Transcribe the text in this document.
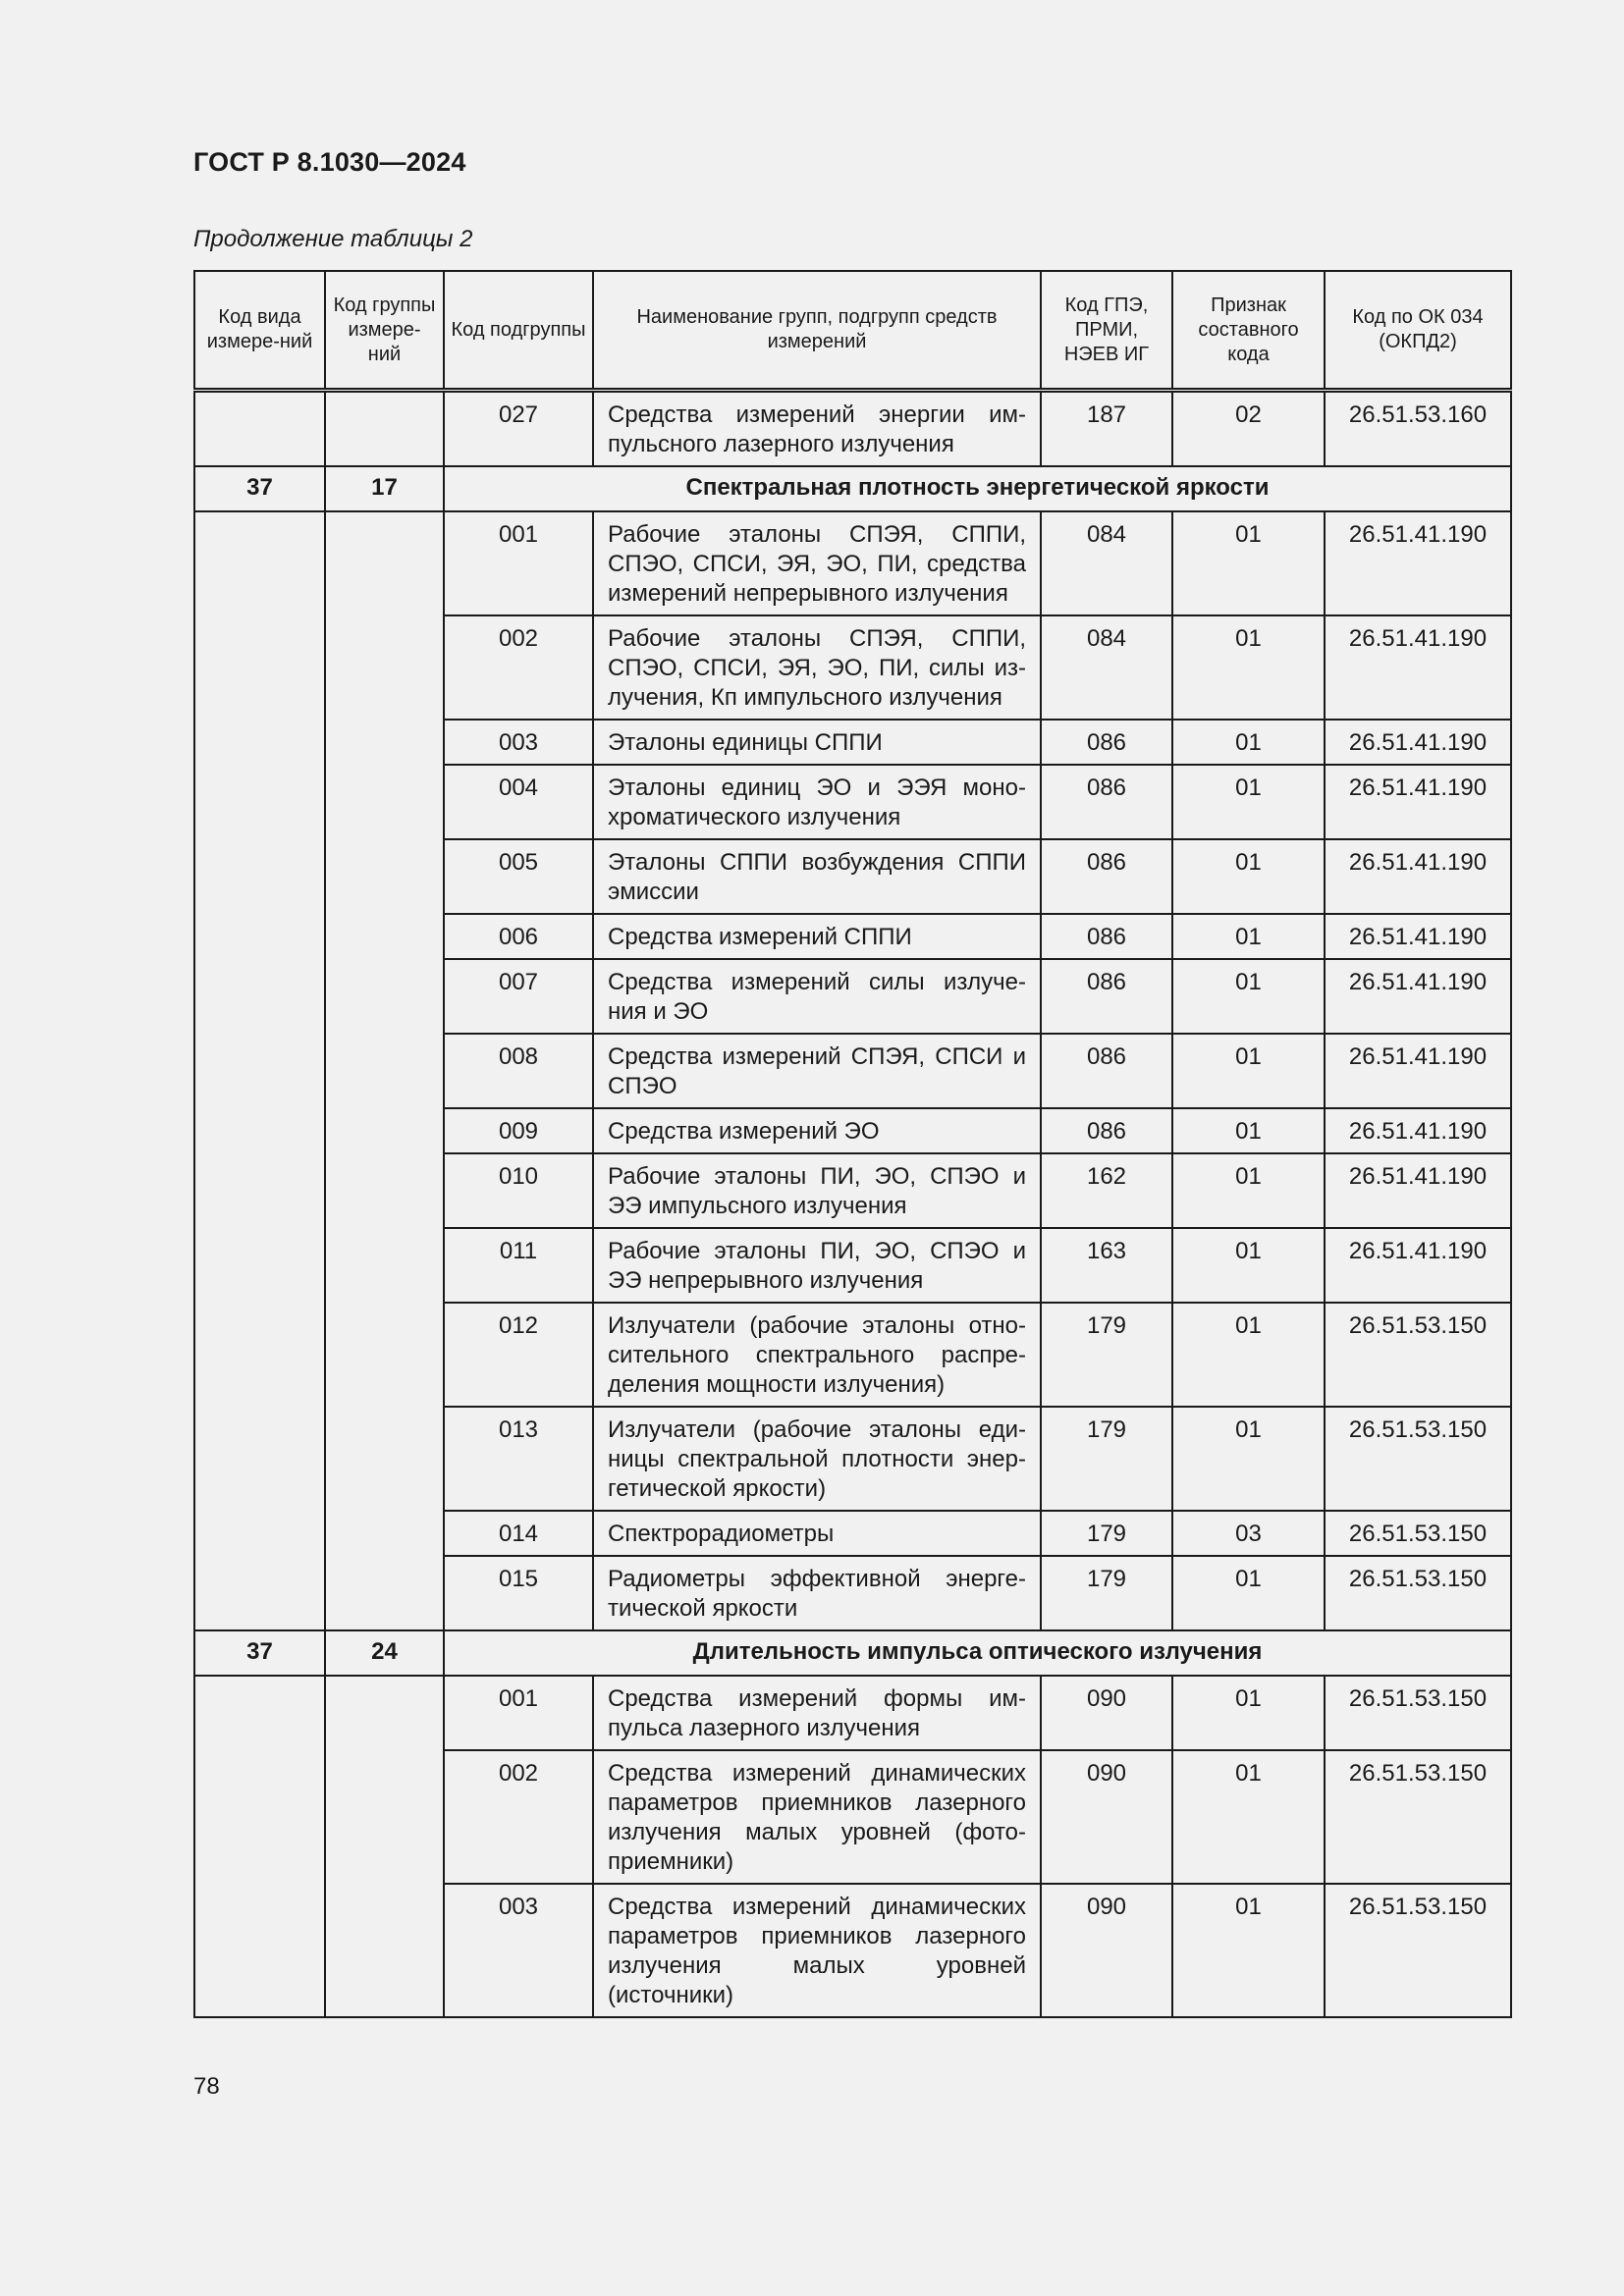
ГОСТ Р 8.1030—2024
Продолжение таблицы 2
Код вида измере-ний	Код группы измере-ний	Код подгруппы	Наименование групп, подгрупп средств измерений	Код ГПЭ, ПРМИ, НЭЕВ ИГ	Признак составного кода	Код по ОК 034 (ОКПД2)
		027	Средства измерений энергии им-пульсного лазерного излучения	187	02	26.51.53.160
37	17	Спектральная плотность энергетической яркости				
		001	Рабочие эталоны СПЭЯ, СППИ, СПЭО, СПСИ, ЭЯ, ЭО, ПИ, средства измерений непрерывного излучения	084	01	26.51.41.190
		002	Рабочие эталоны СПЭЯ, СППИ, СПЭО, СПСИ, ЭЯ, ЭО, ПИ, силы из-лучения, Кп импульсного излучения	084	01	26.51.41.190
		003	Эталоны единицы СППИ	086	01	26.51.41.190
		004	Эталоны единиц ЭО и ЭЭЯ моно-хроматического излучения	086	01	26.51.41.190
		005	Эталоны СППИ возбуждения СППИ эмиссии	086	01	26.51.41.190
		006	Средства измерений СППИ	086	01	26.51.41.190
		007	Средства измерений силы излуче-ния и ЭО	086	01	26.51.41.190
		008	Средства измерений СПЭЯ, СПСИ и СПЭО	086	01	26.51.41.190
		009	Средства измерений ЭО	086	01	26.51.41.190
		010	Рабочие эталоны ПИ, ЭО, СПЭО и ЭЭ импульсного излучения	162	01	26.51.41.190
		011	Рабочие эталоны ПИ, ЭО, СПЭО и ЭЭ непрерывного излучения	163	01	26.51.41.190
		012	Излучатели (рабочие эталоны отно-сительного спектрального распре-деления мощности излучения)	179	01	26.51.53.150
		013	Излучатели (рабочие эталоны еди-ницы спектральной плотности энер-гетической яркости)	179	01	26.51.53.150
		014	Спектрорадиометры	179	03	26.51.53.150
		015	Радиометры эффективной энерге-тической яркости	179	01	26.51.53.150
37	24	Длительность импульса оптического излучения				
		001	Средства измерений формы им-пульса лазерного излучения	090	01	26.51.53.150
		002	Средства измерений динамических параметров приемников лазерного излучения малых уровней (фото-приемники)	090	01	26.51.53.150
		003	Средства измерений динамических параметров приемников лазерного излучения малых уровней (источники)	090	01	26.51.53.150
78
